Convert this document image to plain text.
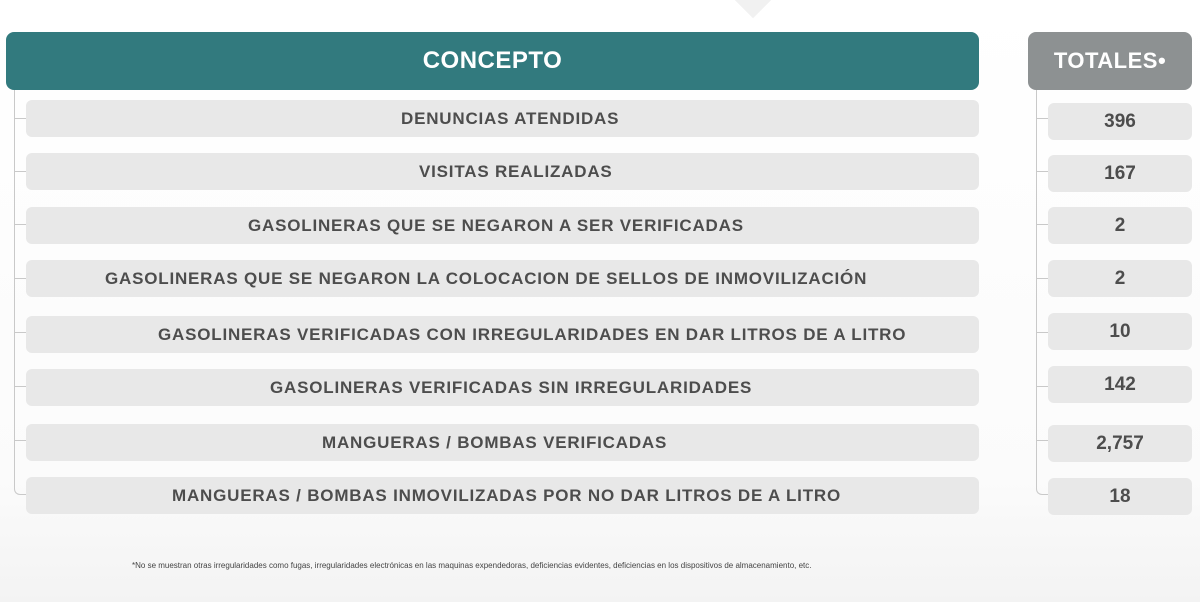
CONCEPTO	TOTALES•
DENUNCIAS ATENDIDAS
VISITAS REALIZADAS
GASOLINERAS QUE SE NEGARON A SER VERIFICADAS
GASOLINERAS QUE SE NEGARON LA COLOCACION DE SELLOS DE INMOVILIZACIÓN
GASOLINERAS VERIFICADAS CON IRREGULARIDADES EN DAR LITROS DE A LITRO
GASOLINERAS VERIFICADAS SIN IRREGULARIDADES
MANGUERAS / BOMBAS VERIFICADAS
MANGUERAS / BOMBAS INMOVILIZADAS POR NO DAR LITROS DE A LITRO
396
167
2
2
10
142
2,757
18
*No se muestran otras irregularidades como fugas, irregularidades electrónicas en las maquinas expendedoras, deficiencias evidentes, deficiencias en los dispositivos de almacenamiento, etc.
